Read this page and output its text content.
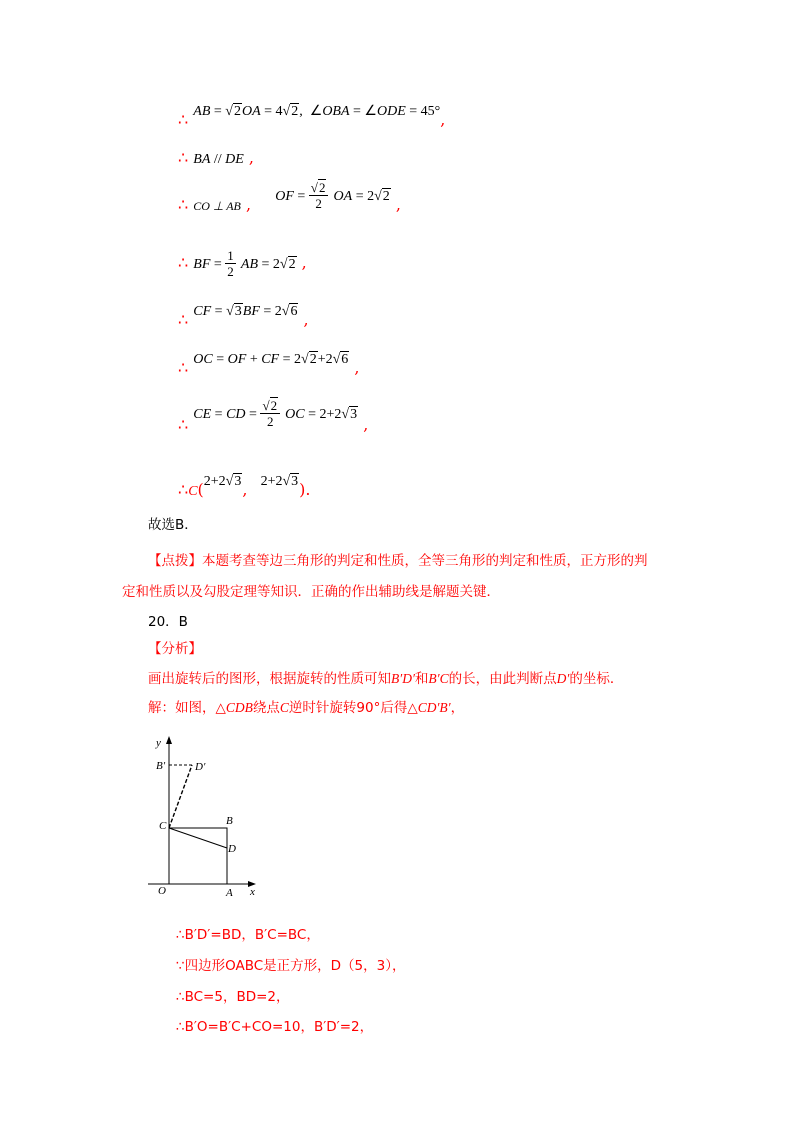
∴ AB = √2OA = 4√2,  ∠OBA = ∠ODE = 45°,
∴ BA // DE ,
∴ $_{CO \perp AB}$ , OF = $\frac{√2}{2}$ OA = 2√2 ,
∴ BF = $\frac{1}{2}$ AB = 2√2 ,
∴ CF = √3BF = 2√6 ,
∴ OC = OF + CF = 2√2+2√6 ,
∴ CE = CD = $\frac{√2}{2}$ OC = 2+2√3 ,
∴C(2+2√3, 2+2√3).
故选B．
【点拨】本题考查等边三角形的判定和性质，全等三角形的判定和性质，正方形的判
定和性质以及勾股定理等知识．正确的作出辅助线是解题关键．
20．B
【分析】
画出旋转后的图形，根据旋转的性质可知B′D′和B′C的长，由此判断点D′的坐标．
解：如图，△CDB绕点C逆时针旋转90°后得△CD′B′，
y
x
O	A
B
C
D
B′	D′
∴B′D′=BD，B′C=BC，
∵四边形OABC是正方形，D（5，3），
∴BC=5，BD=2，
∴B′O=B′C+CO=10，B′D′=2，
